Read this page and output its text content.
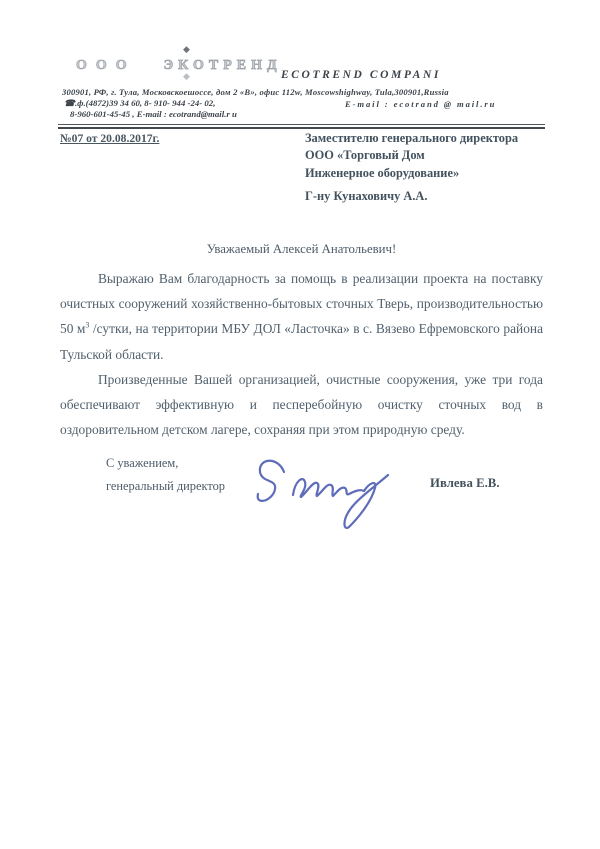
ООО ЭКОТРЕНД
◆
◆	ECOTREND COMPANI
300901, РФ, г. Тула, Московскоешоссе, дом 2 «В», офис 112w, Moscowshighway, Tula,300901,Russia
☎.ф.(4872)39 34 60, 8- 910- 944 -24- 02,	E-mail : ecotrand @ mail.ru
8-960-601-45-45 , E-mail : ecotrand@mail.r u
№07 от 20.08.2017г.	Заместителю генерального директора
ООО «Торговый Дом
Инженерное оборудование»
Г-ну Кунаховичу А.А.
Уважаемый Алексей Анатольевич!

Выражаю Вам благодарность за помощь в реализации проекта на поставку очистных сооружений хозяйственно-бытовых сточных Тверь, производительностью 50 $м^3$ /сутки, на территории МБУ ДОЛ «Ласточка» в с. Вязево Ефремовского района Тульской области.

Произведенные Вашей организацией, очистные сооружения, уже три года обеспечивают эффективную и песперебойную очистку сточных вод в оздоровительном детском лагере, сохраняя при этом природную среду.

С уважением,
генеральный директор	Ивлева Е.В.
